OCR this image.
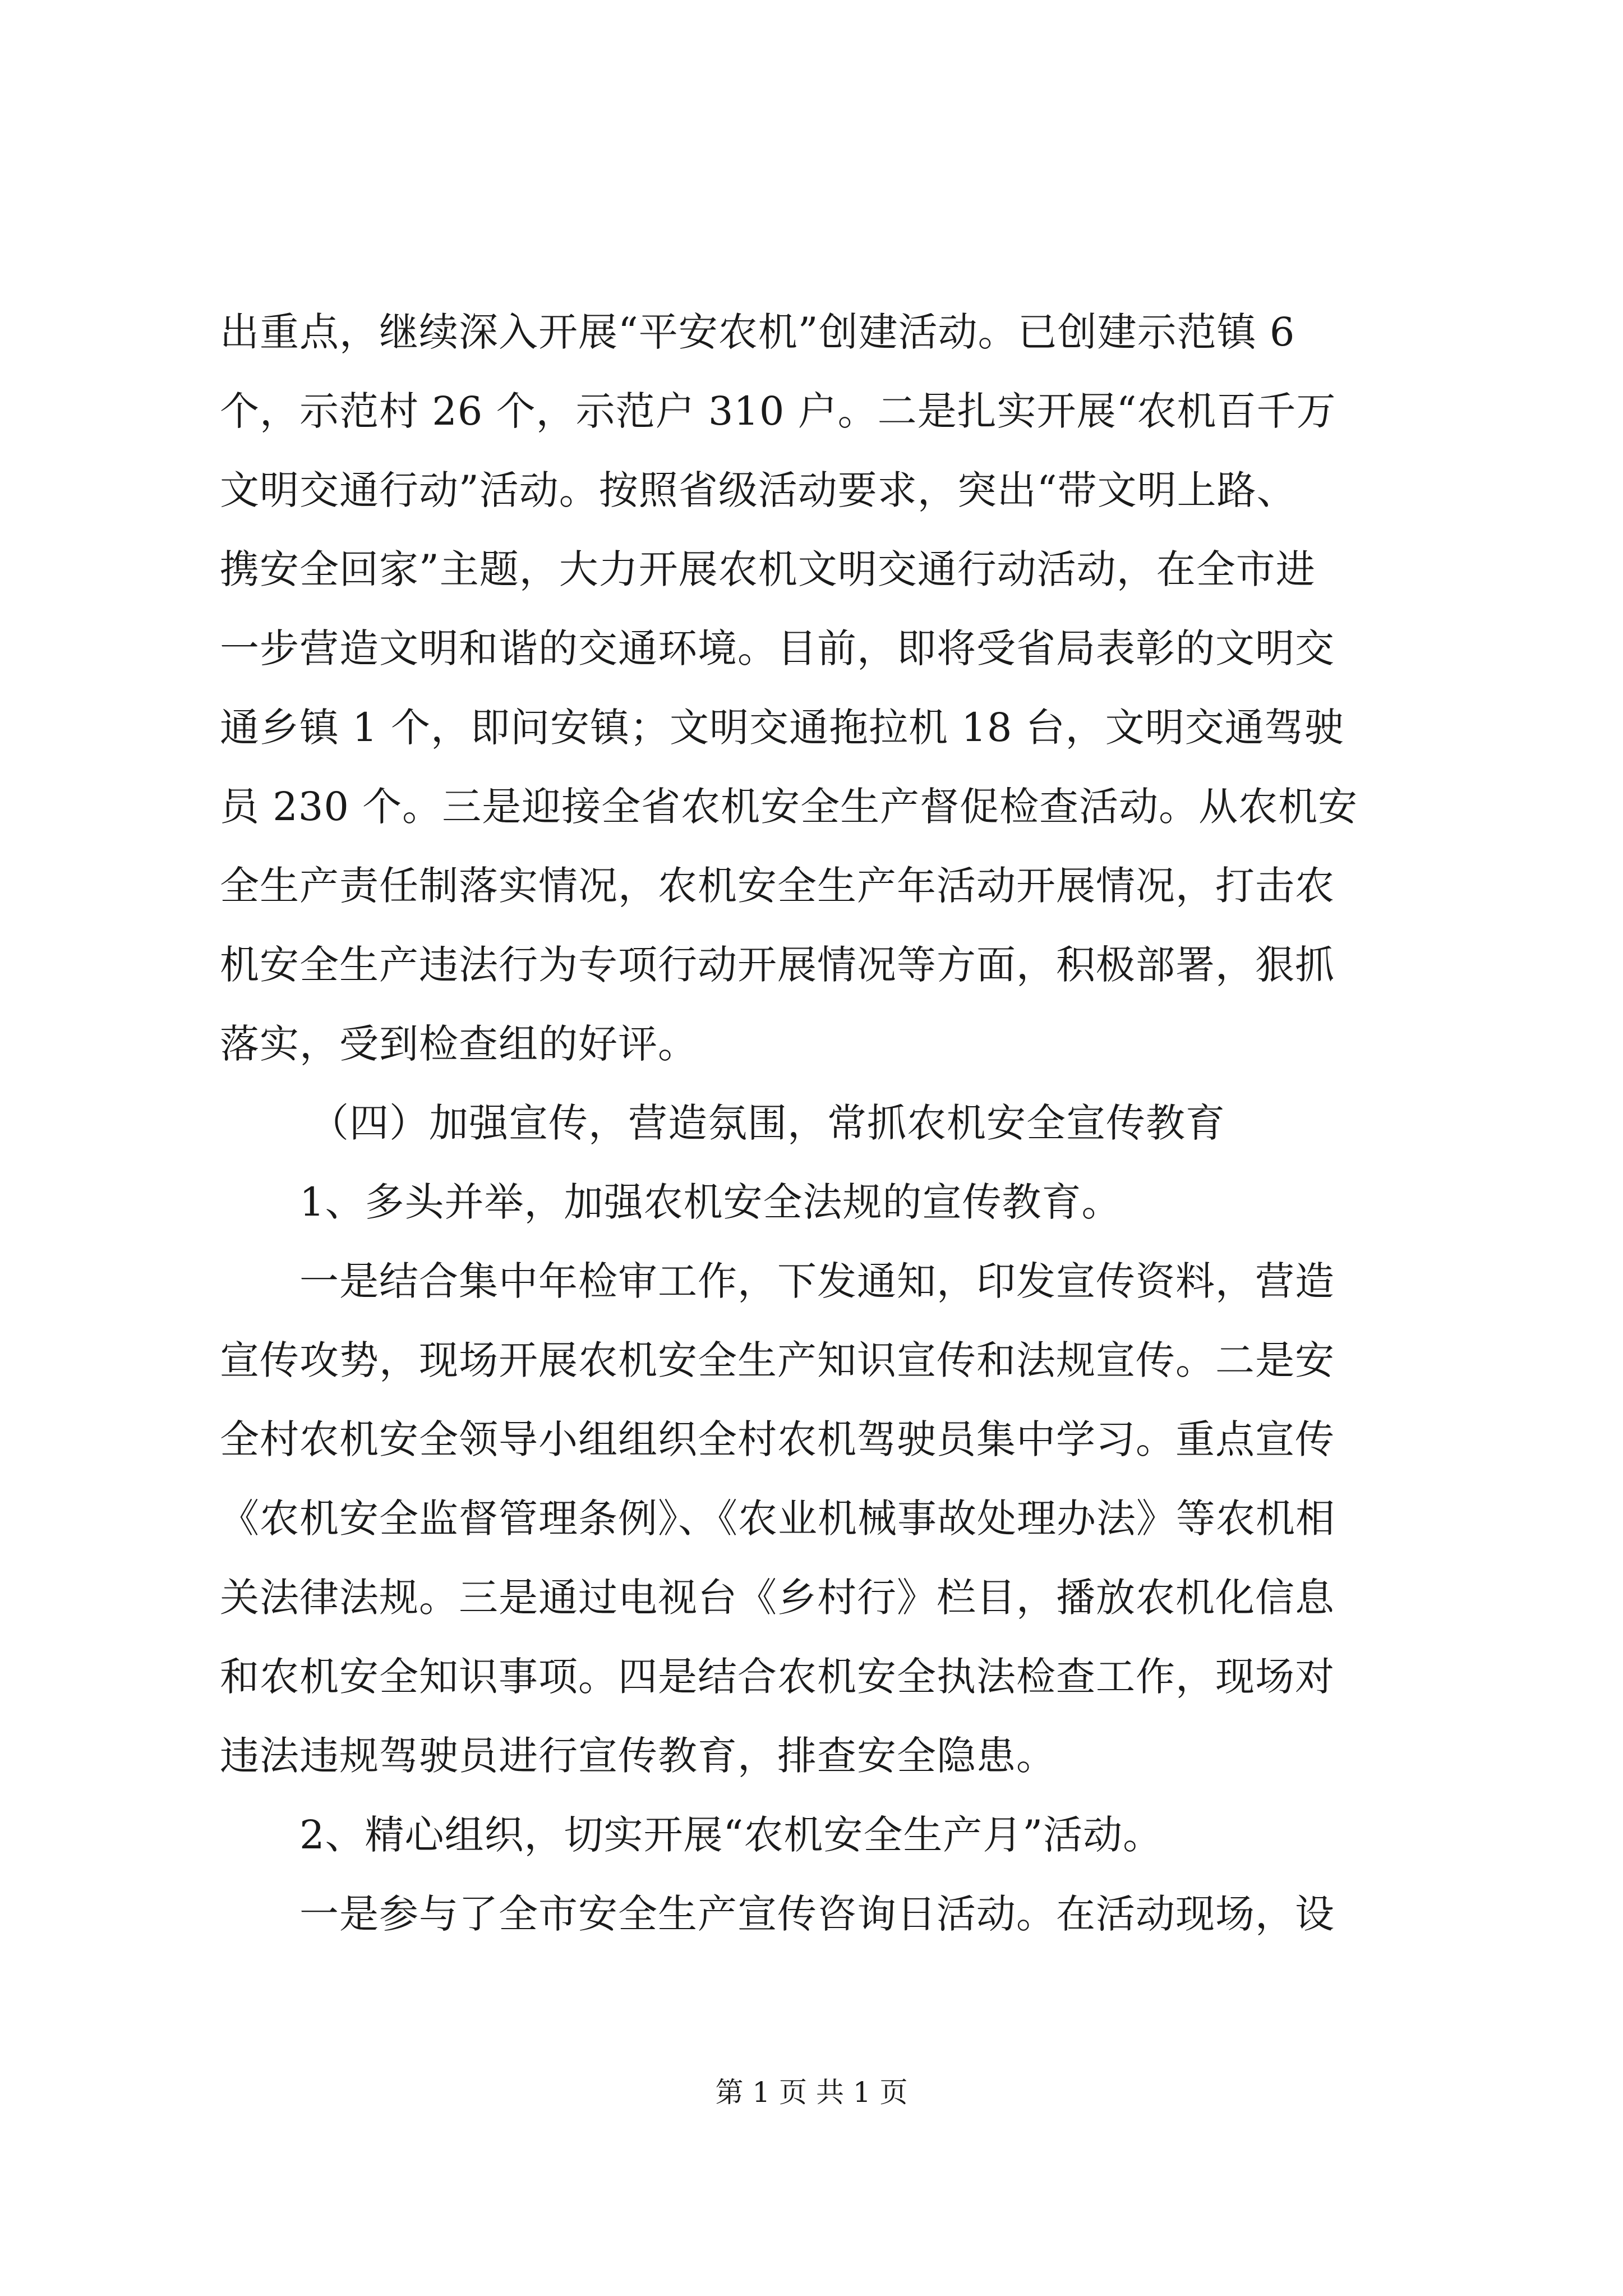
出重点，继续深入开展“平安农机”创建活动。已创建示范镇 6
个，示范村 26 个，示范户 310 户。二是扎实开展“农机百千万
文明交通行动”活动。按照省级活动要求，突出“带文明上路、
携安全回家”主题，大力开展农机文明交通行动活动，在全市进
一步营造文明和谐的交通环境。目前，即将受省局表彰的文明交
通乡镇 1 个，即问安镇；文明交通拖拉机 18 台，文明交通驾驶
员 230 个。三是迎接全省农机安全生产督促检查活动。从农机安
全生产责任制落实情况，农机安全生产年活动开展情况，打击农
机安全生产违法行为专项行动开展情况等方面，积极部署，狠抓
落实，受到检查组的好评。
（四）加强宣传，营造氛围，常抓农机安全宣传教育
1、多头并举，加强农机安全法规的宣传教育。
一是结合集中年检审工作，下发通知，印发宣传资料，营造
宣传攻势，现场开展农机安全生产知识宣传和法规宣传。二是安
全村农机安全领导小组组织全村农机驾驶员集中学习。重点宣传
《农机安全监督管理条例》、《农业机械事故处理办法》等农机相
关法律法规。三是通过电视台《乡村行》栏目，播放农机化信息
和农机安全知识事项。四是结合农机安全执法检查工作，现场对
违法违规驾驶员进行宣传教育，排查安全隐患。
2、精心组织，切实开展“农机安全生产月”活动。
一是参与了全市安全生产宣传咨询日活动。在活动现场，设
第 1 页 共 1 页
